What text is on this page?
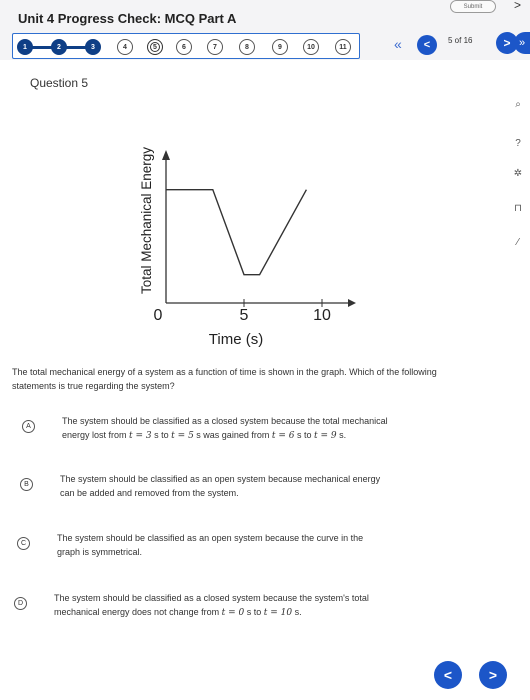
Unit 4 Progress Check: MCQ Part A
Submit	>
1	2	3	4	5	6	7	8	9	10	11	«	<	5 of 16	> »
Question 5
⌕
?
✲
⊓
⁄
0	5	10
Time (s)
Total Mechanical Energy
The total mechanical energy of a system as a function of time is shown in the graph. Which of the following statements is true regarding the system?
A
The system should be classified as a closed system because the total mechanical
energy lost from t = 3 s to t = 5 s was gained from t = 6 s to t = 9 s.
B
The system should be classified as an open system because mechanical energy
can be added and removed from the system.
C
The system should be classified as an open system because the curve in the
graph is symmetrical.
D
The system should be classified as a closed system because the system's total
mechanical energy does not change from t = 0 s to t = 10 s.
<	>
